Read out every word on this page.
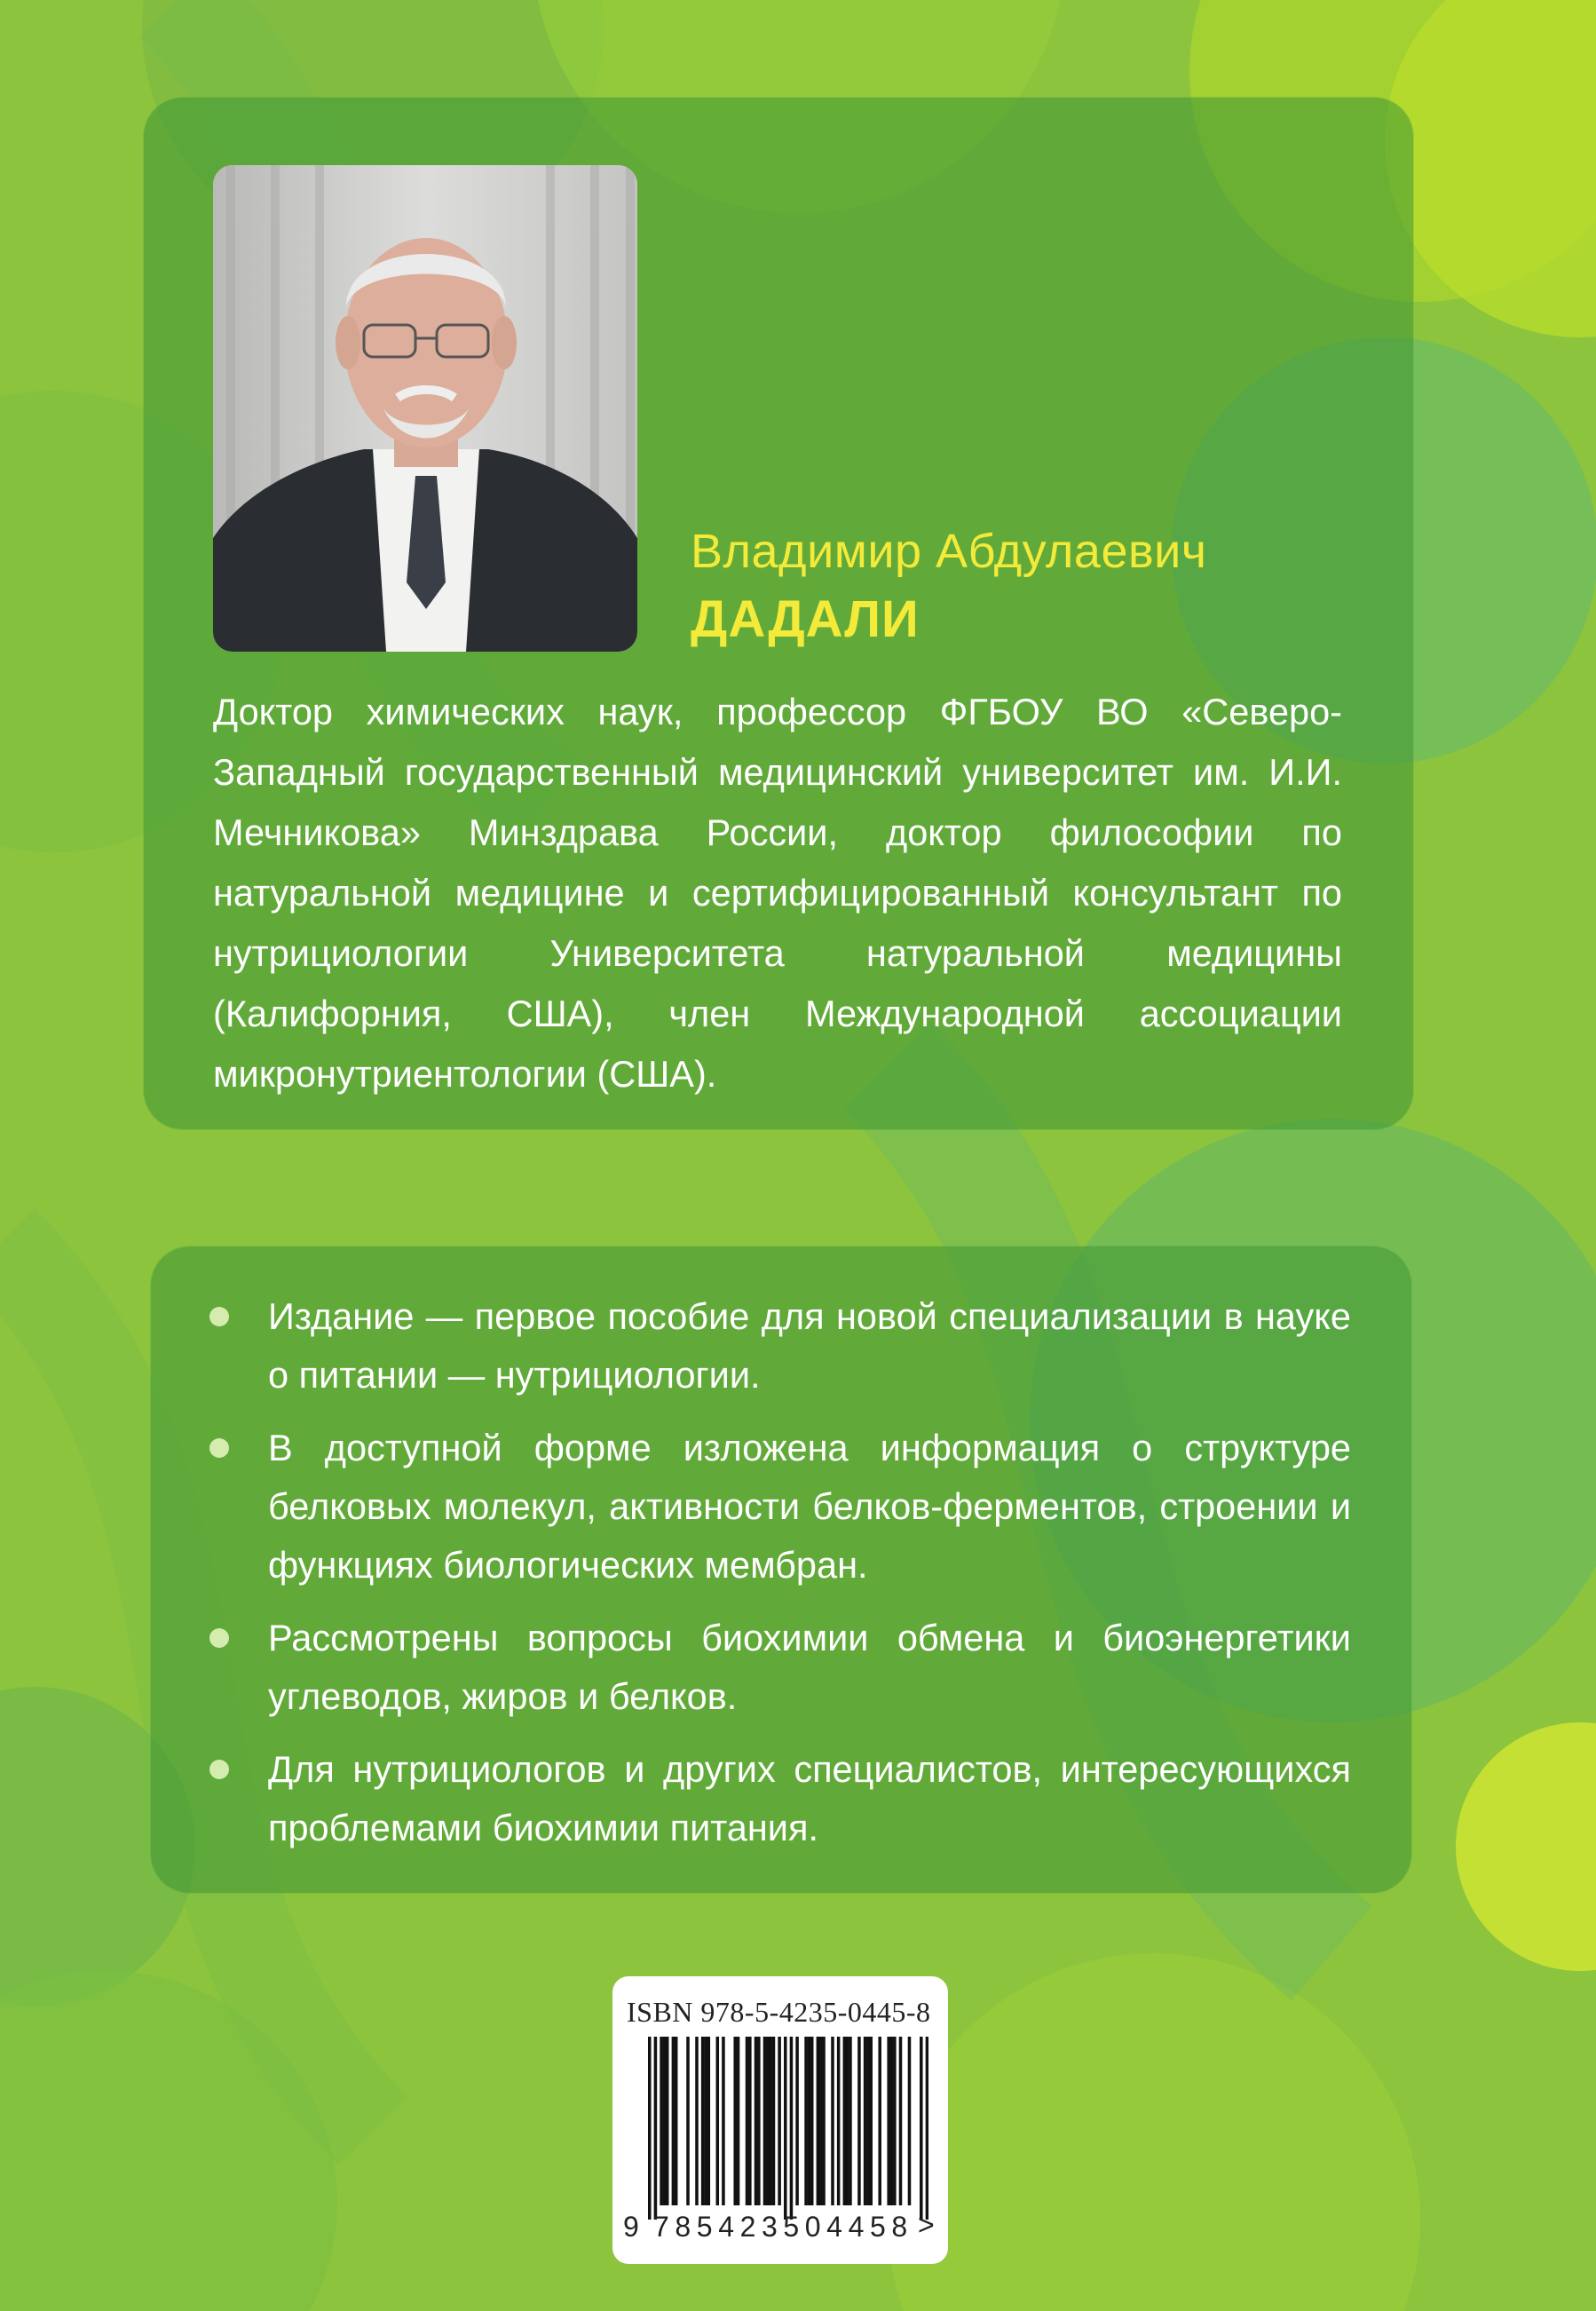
Владимир Абдулаевич
ДАДАЛИ
Доктор химических наук, профессор ФГБОУ ВО «Северо-Западный государственный медицинский университет им. И.И. Мечникова» Минздрава России, доктор философии по натуральной медицине и сертифицированный консультант по нутрициологии Университета натуральной медицины (Калифорния, США), член Международной ассоциации микронутриентологии (США).
Издание — первое пособие для новой специализации в науке о питании — нутрициологии.
В доступной форме изложена информация о структуре белковых молекул, активности белков-ферментов, строении и функциях биологических мембран.
Рассмотрены вопросы биохимии обмена и биоэнергетики углеводов, жиров и белков.
Для нутрициологов и других специалистов, интересующихся проблемами биохимии питания.
ISBN 978-5-4235-0445-8
9 785423504458 >
